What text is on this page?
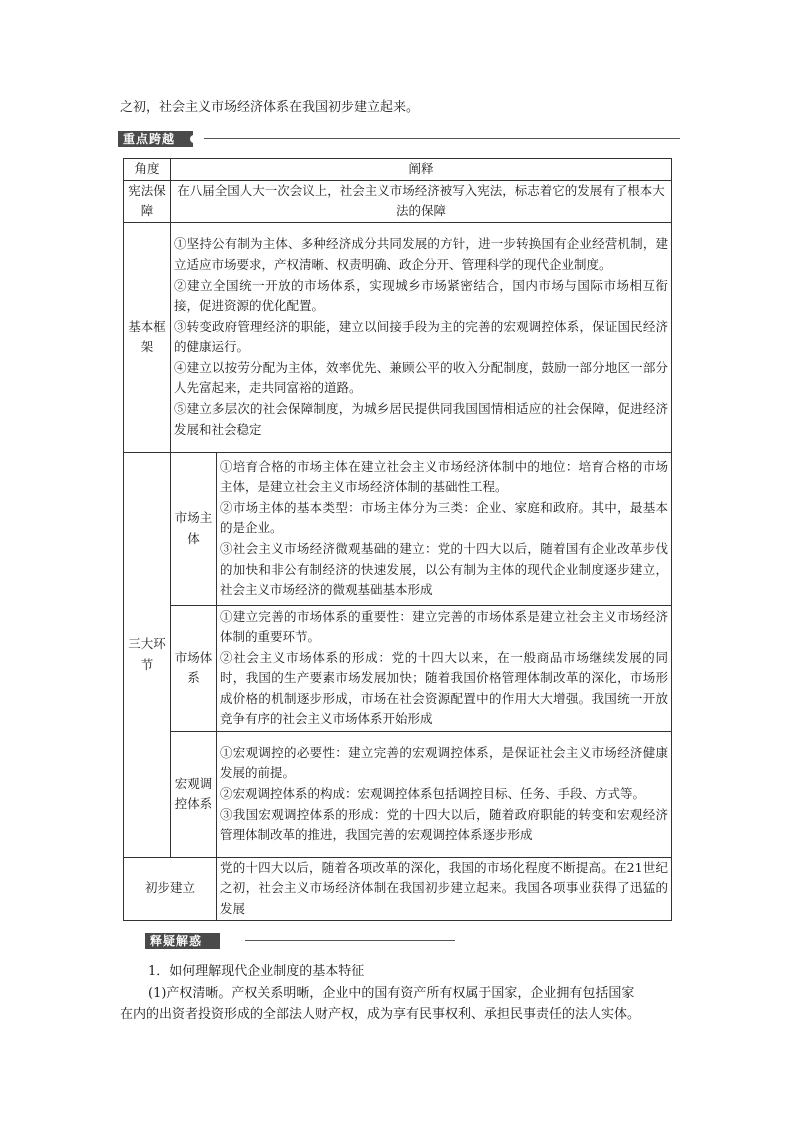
之初，社会主义市场经济体系在我国初步建立起来。
重点跨越
角度	阐释	
宪法保障	在八届全国人大一次会议上，社会主义市场经济被写入宪法，标志着它的发展有了根本大法的保障	
基本框架	①坚持公有制为主体、多种经济成分共同发展的方针，进一步转换国有企业经营机制，建立适应市场要求，产权清晰、权责明确、政企分开、管理科学的现代企业制度。
②建立全国统一开放的市场体系，实现城乡市场紧密结合，国内市场与国际市场相互衔接，促进资源的优化配置。
③转变政府管理经济的职能，建立以间接手段为主的完善的宏观调控体系，保证国民经济的健康运行。
④建立以按劳分配为主体，效率优先、兼顾公平的收入分配制度，鼓励一部分地区一部分人先富起来，走共同富裕的道路。
⑤建立多层次的社会保障制度，为城乡居民提供同我国国情相适应的社会保障，促进经济发展和社会稳定	

三大环节	市场主体	①培育合格的市场主体在建立社会主义市场经济体制中的地位：培育合格的市场主体，是建立社会主义市场经济体制的基础性工程。
②市场主体的基本类型：市场主体分为三类：企业、家庭和政府。其中，最基本的是企业。
③社会主义市场经济微观基础的建立：党的十四大以后，随着国有企业改革步伐的加快和非公有制经济的快速发展，以公有制为主体的现代企业制度逐步建立，社会主义市场经济的微观基础基本形成

	市场体系	①建立完善的市场体系的重要性：建立完善的市场体系是建立社会主义市场经济体制的重要环节。
②社会主义市场体系的形成：党的十四大以来，在一般商品市场继续发展的同时，我国的生产要素市场发展加快；随着我国价格管理体制改革的深化，市场形成价格的机制逐步形成，市场在社会资源配置中的作用大大增强。我国统一开放竞争有序的社会主义市场体系开始形成

	宏观调控体系	①宏观调控的必要性：建立完善的宏观调控体系，是保证社会主义市场经济健康发展的前提。
②宏观调控体系的构成：宏观调控体系包括调控目标、任务、手段、方式等。
③我国宏观调控体系的形成：党的十四大以后，随着政府职能的转变和宏观经济管理体制改革的推进，我国完善的宏观调控体系逐步形成

初步建立		党的十四大以后，随着各项改革的深化，我国的市场化程度不断提高。在21世纪之初，社会主义市场经济体制在我国初步建立起来。我国各项事业获得了迅猛的发展
释疑解惑
1．如何理解现代企业制度的基本特征
(1)产权清晰。产权关系明晰，企业中的国有资产所有权属于国家，企业拥有包括国家
在内的出资者投资形成的全部法人财产权，成为享有民事权利、承担民事责任的法人实体。
